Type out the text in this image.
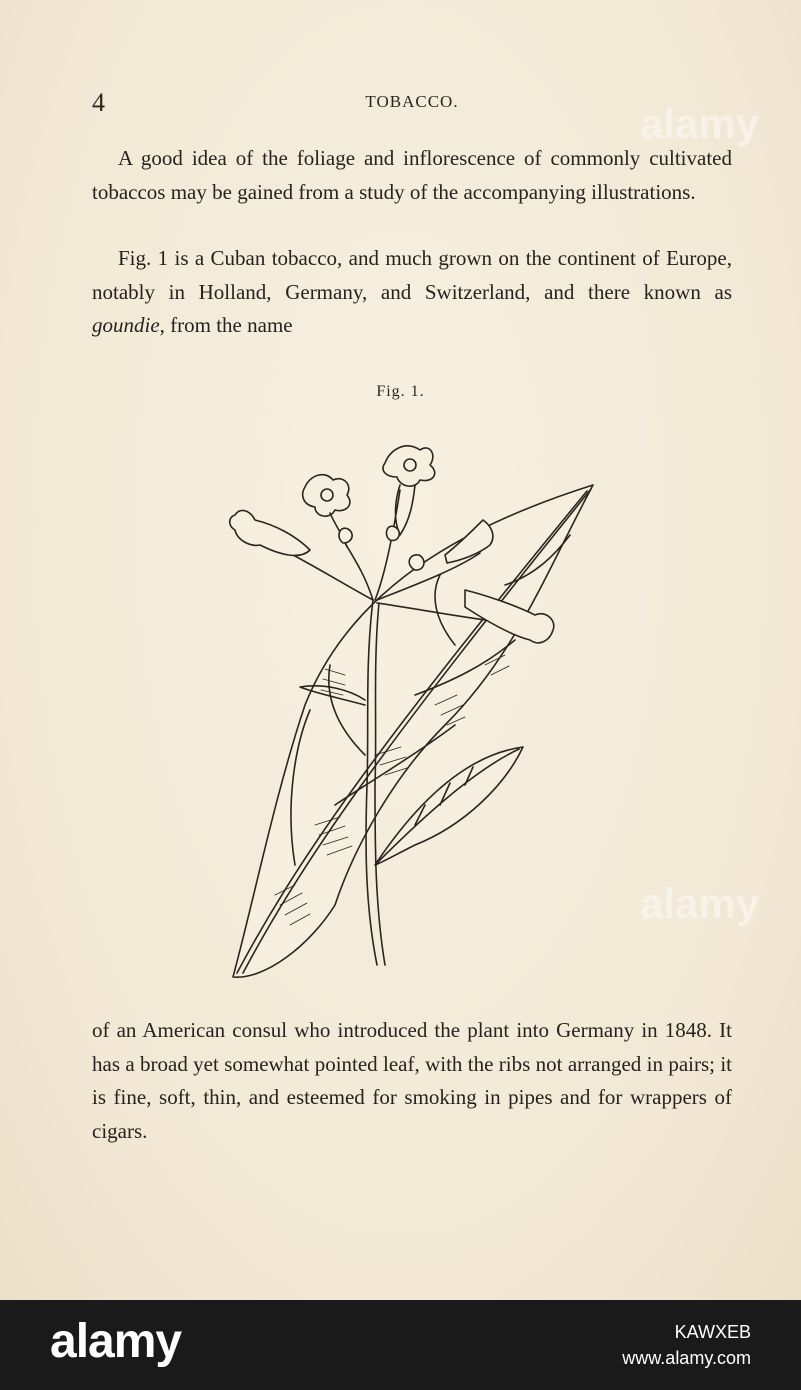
4	TOBACCO.

A good idea of the foliage and inflorescence of commonly cultivated tobaccos may be gained from a study of the accompanying illustrations.

Fig. 1 is a Cuban tobacco, and much grown on the continent of Europe, notably in Holland, Germany, and Switzerland, and there known as goundie, from the name

Fig. 1.

of an American consul who introduced the plant into Germany in 1848. It has a broad yet somewhat pointed leaf, with the ribs not arranged in pairs; it is fine, soft, thin, and esteemed for smoking in pipes and for wrappers of cigars.

alamy
alamy
alamy	KAWXEB
www.alamy.com
